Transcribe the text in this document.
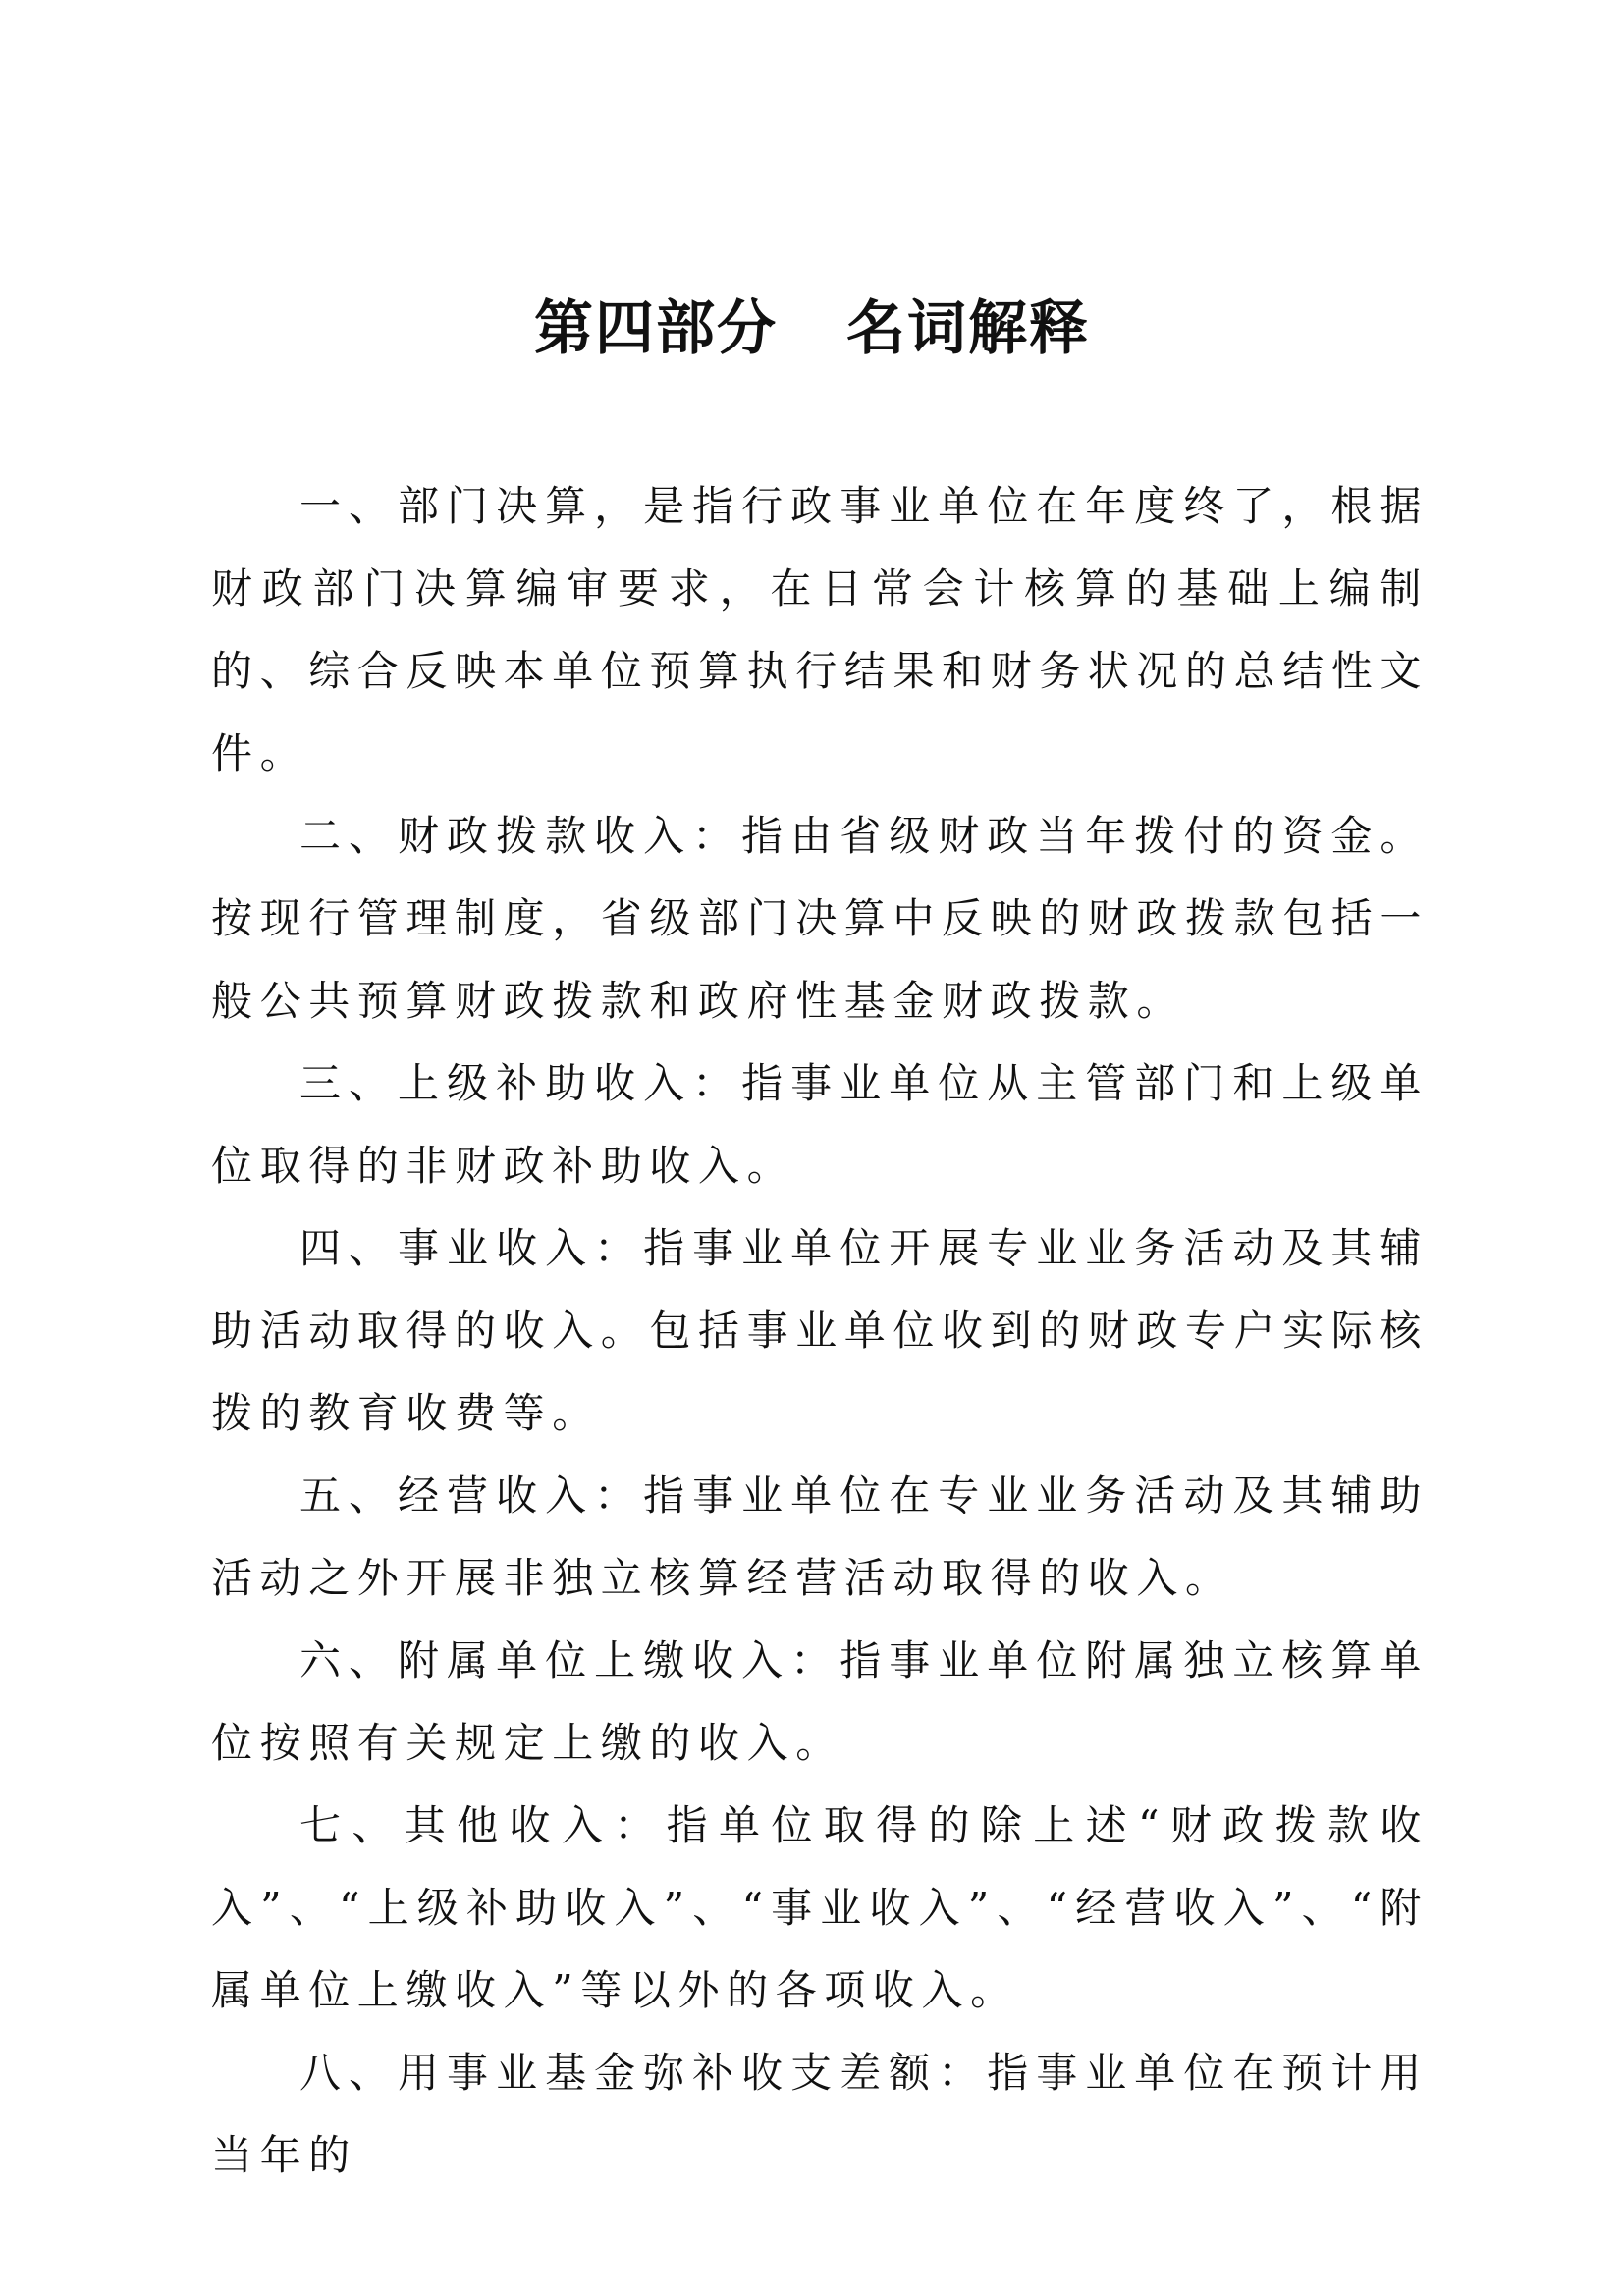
第四部分 名词解释

一、部门决算，是指行政事业单位在年度终了，根据财政部门决算编审要求，在日常会计核算的基础上编制的、综合反映本单位预算执行结果和财务状况的总结性文件。

二、财政拨款收入：指由省级财政当年拨付的资金。按现行管理制度，省级部门决算中反映的财政拨款包括一般公共预算财政拨款和政府性基金财政拨款。

三、上级补助收入：指事业单位从主管部门和上级单位取得的非财政补助收入。

四、事业收入：指事业单位开展专业业务活动及其辅助活动取得的收入。包括事业单位收到的财政专户实际核拨的教育收费等。

五、经营收入：指事业单位在专业业务活动及其辅助活动之外开展非独立核算经营活动取得的收入。

六、附属单位上缴收入：指事业单位附属独立核算单位按照有关规定上缴的收入。

七、其他收入：指单位取得的除上述“财政拨款收入”、“上级补助收入”、“事业收入”、“经营收入”、“附属单位上缴收入”等以外的各项收入。

八、用事业基金弥补收支差额：指事业单位在预计用当年的
